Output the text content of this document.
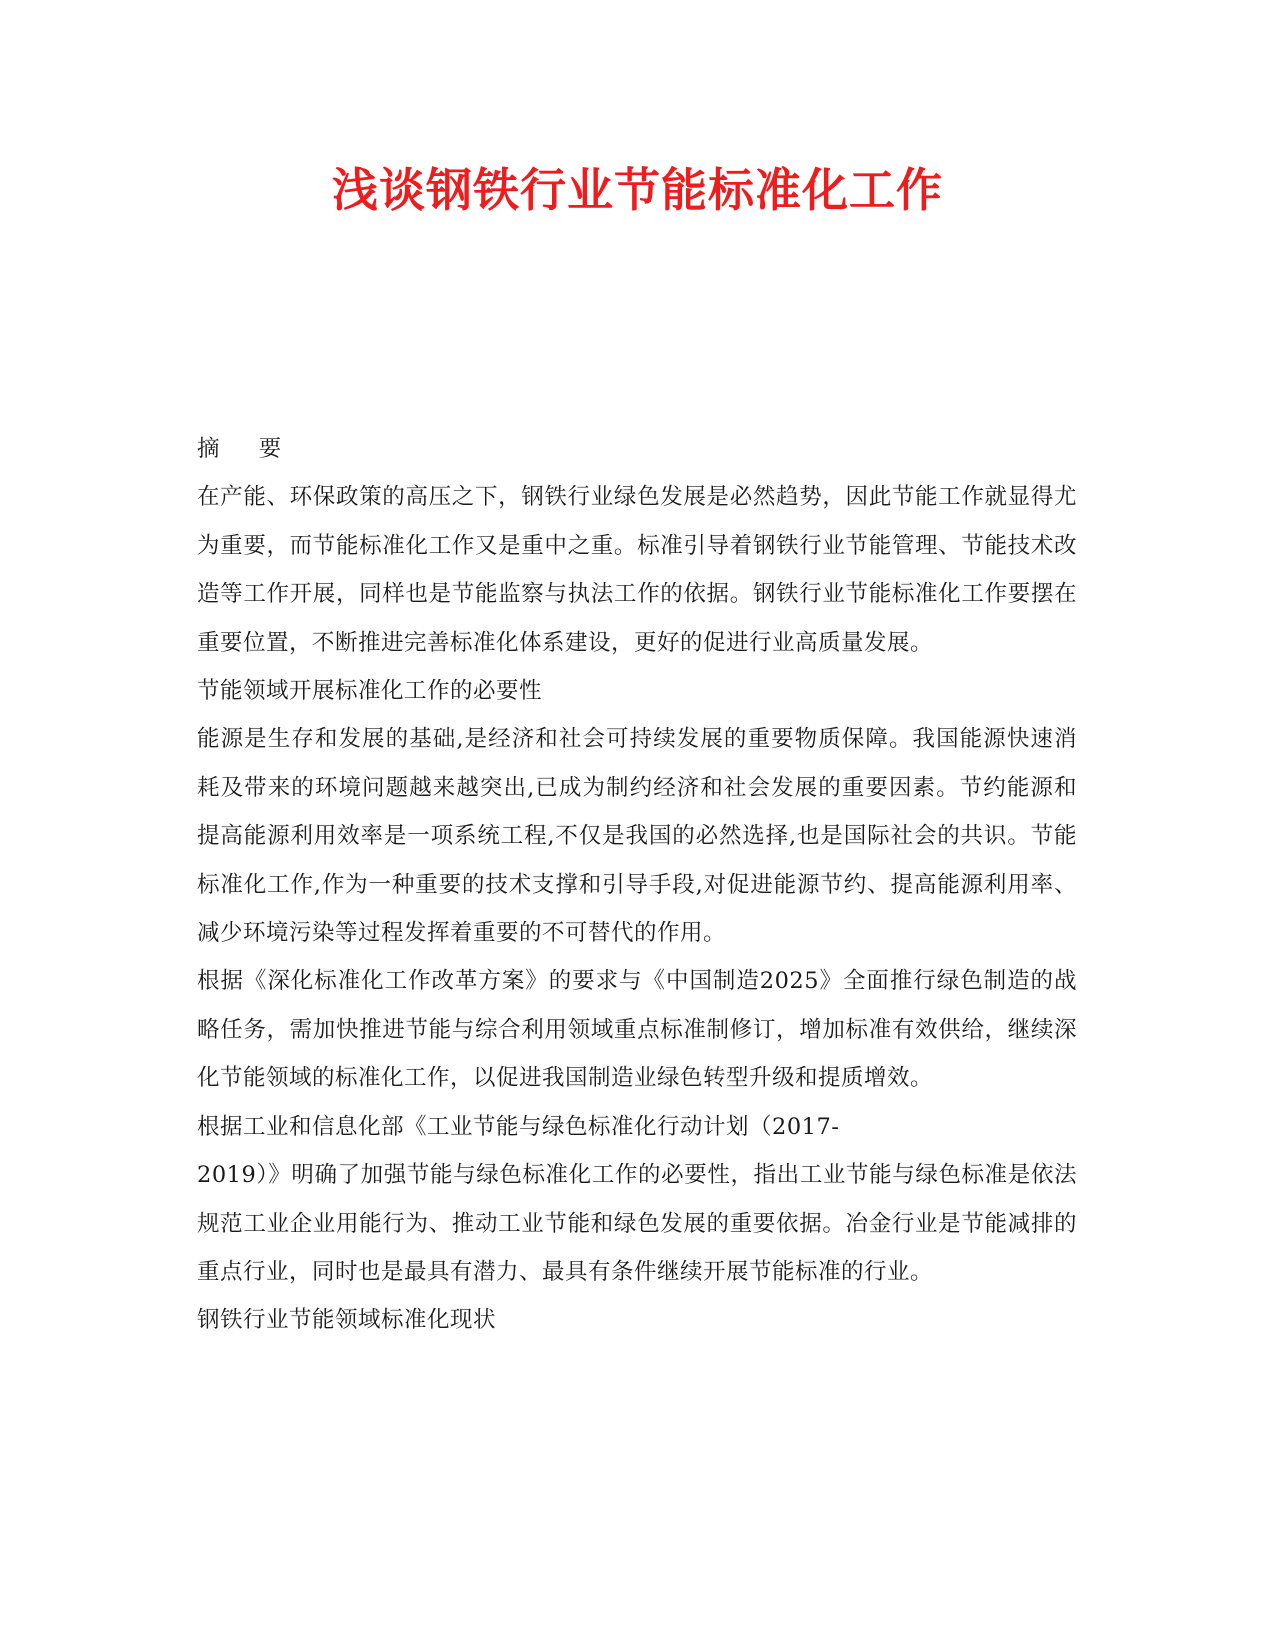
浅谈钢铁行业节能标准化工作

摘 要

在产能、环保政策的高压之下，钢铁行业绿色发展是必然趋势，因此节能工作就显得尤为重要，而节能标准化工作又是重中之重。标准引导着钢铁行业节能管理、节能技术改造等工作开展，同样也是节能监察与执法工作的依据。钢铁行业节能标准化工作要摆在重要位置，不断推进完善标准化体系建设，更好的促进行业高质量发展。

节能领域开展标准化工作的必要性

能源是生存和发展的基础,是经济和社会可持续发展的重要物质保障。我国能源快速消耗及带来的环境问题越来越突出,已成为制约经济和社会发展的重要因素。节约能源和提高能源利用效率是一项系统工程,不仅是我国的必然选择,也是国际社会的共识。节能标准化工作,作为一种重要的技术支撑和引导手段,对促进能源节约、提高能源利用率、减少环境污染等过程发挥着重要的不可替代的作用。

根据《深化标准化工作改革方案》的要求与《中国制造2025》全面推行绿色制造的战略任务，需加快推进节能与综合利用领域重点标准制修订，增加标准有效供给，继续深化节能领域的标准化工作，以促进我国制造业绿色转型升级和提质增效。

根据工业和信息化部《工业节能与绿色标准化行动计划（2017-

2019）》明确了加强节能与绿色标准化工作的必要性，指出工业节能与绿色标准是依法规范工业企业用能行为、推动工业节能和绿色发展的重要依据。冶金行业是节能减排的重点行业，同时也是最具有潜力、最具有条件继续开展节能标准的行业。

钢铁行业节能领域标准化现状
